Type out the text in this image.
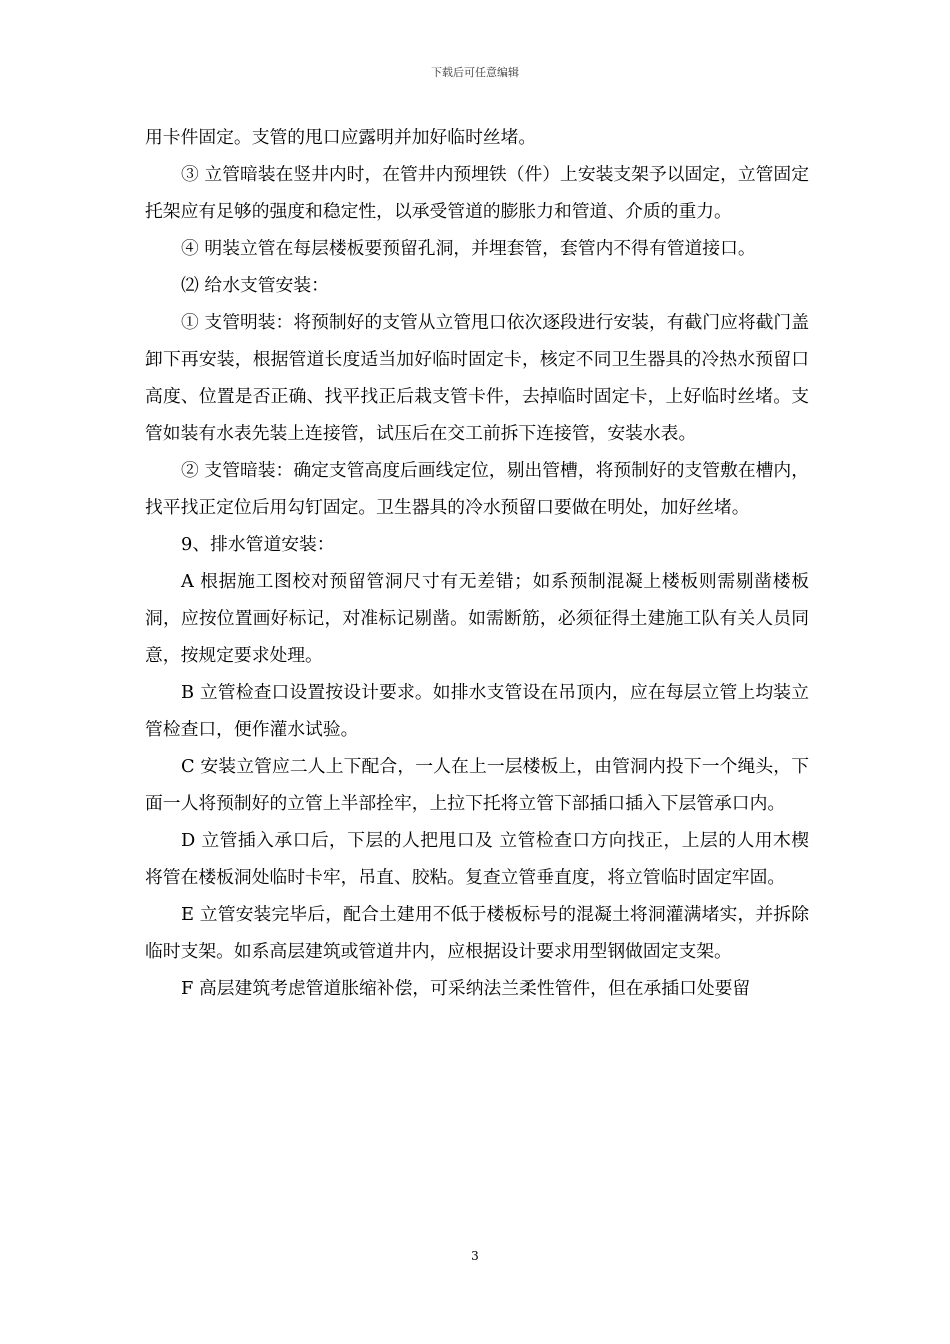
下载后可任意编辑

用卡件固定。支管的甩口应露明并加好临时丝堵。

③ 立管暗装在竖井内时，在管井内预埋铁（件）上安装支架予以固定，立管固定托架应有足够的强度和稳定性，以承受管道的膨胀力和管道、介质的重力。

④ 明装立管在每层楼板要预留孔洞，并埋套管，套管内不得有管道接口。

⑵ 给水支管安装：

① 支管明装：将预制好的支管从立管甩口依次逐段进行安装，有截门应将截门盖卸下再安装，根据管道长度适当加好临时固定卡，核定不同卫生器具的冷热水预留口高度、位置是否正确、找平找正后栽支管卡件，去掉临时固定卡，上好临时丝堵。支管如装有水表先装上连接管，试压后在交工前拆下连接管，安装水表。

② 支管暗装：确定支管高度后画线定位，剔出管槽，将预制好的支管敷在槽内，找平找正定位后用勾钉固定。卫生器具的冷水预留口要做在明处，加好丝堵。

9、排水管道安装：

A 根据施工图校对预留管洞尺寸有无差错；如系预制混凝上楼板则需剔凿楼板洞，应按位置画好标记，对准标记剔凿。如需断筋，必须征得土建施工队有关人员同意，按规定要求处理。

B 立管检查口设置按设计要求。如排水支管设在吊顶内，应在每层立管上均装立管检查口，便作灌水试验。

C 安装立管应二人上下配合，一人在上一层楼板上，由管洞内投下一个绳头，下面一人将预制好的立管上半部拴牢，上拉下托将立管下部插口插入下层管承口内。

D 立管插入承口后，下层的人把甩口及 立管检查口方向找正，上层的人用木楔将管在楼板洞处临时卡牢，吊直、胶粘。复查立管垂直度，将立管临时固定牢固。

E 立管安装完毕后，配合土建用不低于楼板标号的混凝土将洞灌满堵实，并拆除临时支架。如系高层建筑或管道井内，应根据设计要求用型钢做固定支架。

F 高层建筑考虑管道胀缩补偿，可采纳法兰柔性管件，但在承插口处要留

3
